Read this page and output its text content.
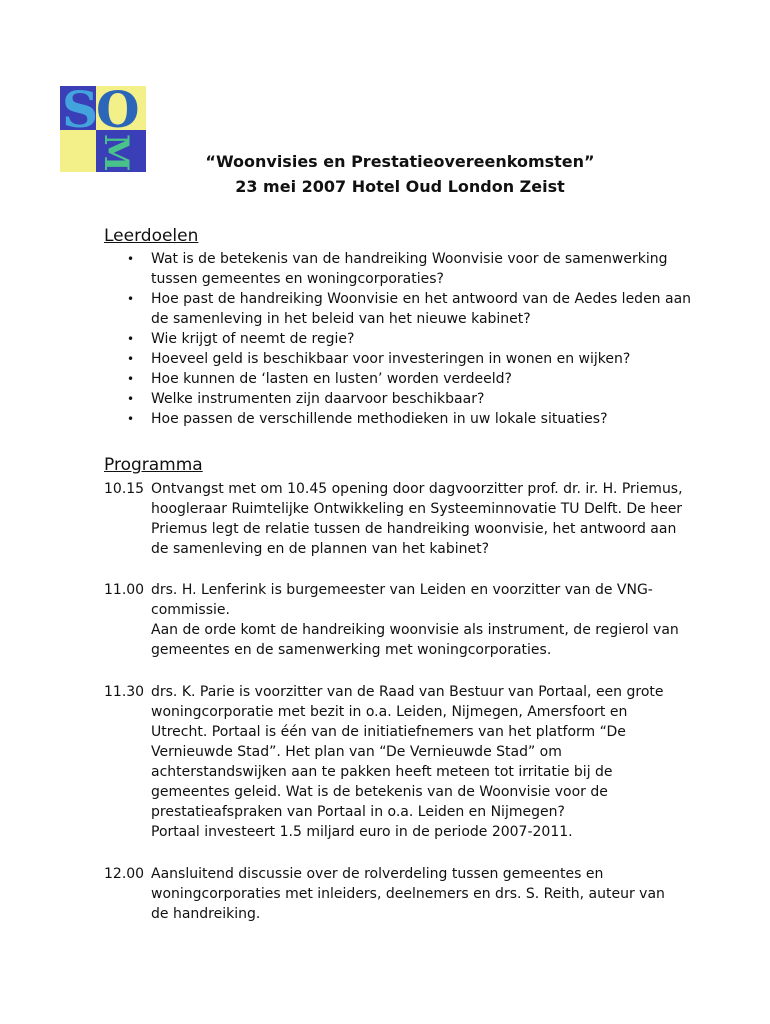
S
O
M	“Woonvisies en Prestatieovereenkomsten”
23 mei 2007 Hotel Oud London Zeist
Leerdoelen
• Wat is de betekenis van de handreiking Woonvisie voor de samenwerking tussen gemeentes en woningcorporaties?
• Hoe past de handreiking Woonvisie en het antwoord van de Aedes leden aan de samenleving in het beleid van het nieuwe kabinet?
• Wie krijgt of neemt de regie?
• Hoeveel geld is beschikbaar voor investeringen in wonen en wijken?
• Hoe kunnen de ‘lasten en lusten’ worden verdeeld?
• Welke instrumenten zijn daarvoor beschikbaar?
• Hoe passen de verschillende methodieken in uw lokale situaties?
Programma
10.15 Ontvangst met om 10.45 opening door dagvoorzitter prof. dr. ir. H. Priemus, hoogleraar Ruimtelijke Ontwikkeling en Systeeminnovatie TU Delft. De heer Priemus legt de relatie tussen de handreiking woonvisie, het antwoord aan de samenleving en de plannen van het kabinet?
11.00 drs. H. Lenferink is burgemeester van Leiden en voorzitter van de VNG-commissie.
Aan de orde komt de handreiking woonvisie als instrument, de regierol van gemeentes en de samenwerking met woningcorporaties.
11.30 drs. K. Parie is voorzitter van de Raad van Bestuur van Portaal, een grote woningcorporatie met bezit in o.a. Leiden, Nijmegen, Amersfoort en Utrecht. Portaal is één van de initiatiefnemers van het platform “De Vernieuwde Stad”. Het plan van “De Vernieuwde Stad” om achterstandswijken aan te pakken heeft meteen tot irritatie bij de gemeentes geleid. Wat is de betekenis van de Woonvisie voor de prestatieafspraken van Portaal in o.a. Leiden en Nijmegen?
Portaal investeert 1.5 miljard euro in de periode 2007-2011.
12.00 Aansluitend discussie over de rolverdeling tussen gemeentes en woningcorporaties met inleiders, deelnemers en drs. S. Reith, auteur van de handreiking.
